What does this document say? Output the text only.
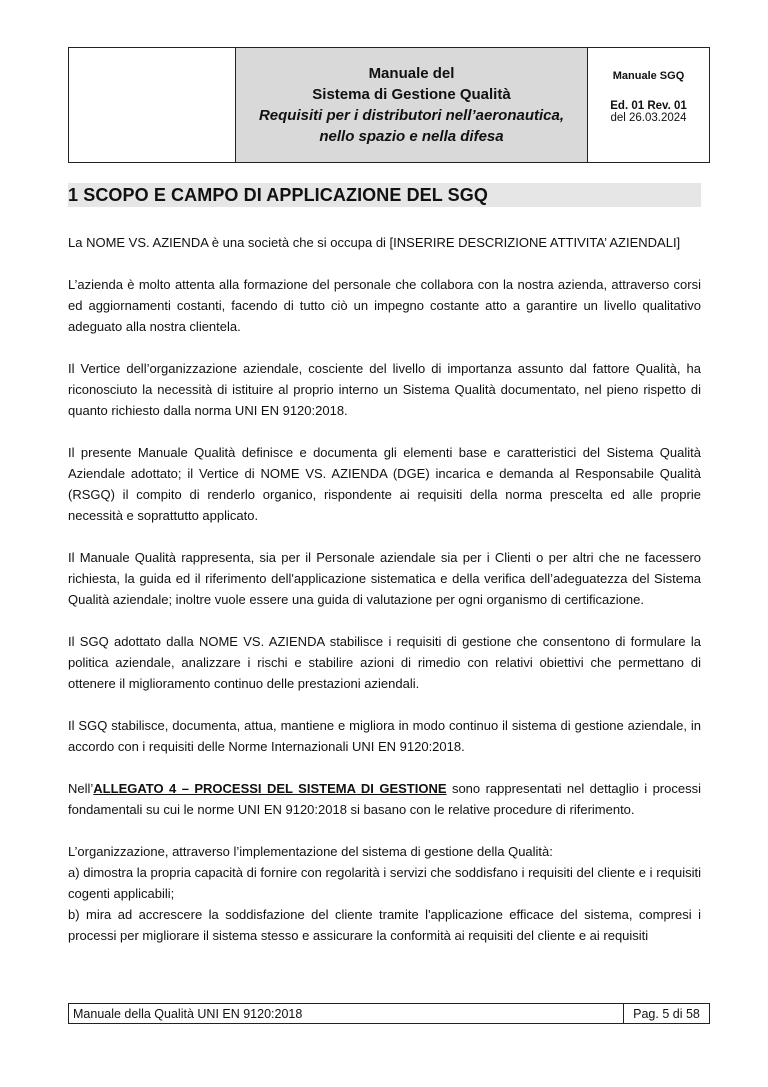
Manuale del
Sistema di Gestione Qualità
Requisiti per i distributori nell’aeronautica,
nello spazio e nella difesa
Manuale SGQ
Ed. 01 Rev. 01
del 26.03.2024
1 SCOPO E CAMPO DI APPLICAZIONE DEL SGQ

La NOME VS. AZIENDA è una società che si occupa di [INSERIRE DESCRIZIONE ATTIVITA’ AZIENDALI]

L’azienda è molto attenta alla formazione del personale che collabora con la nostra azienda, attraverso corsi ed aggiornamenti costanti, facendo di tutto ciò un impegno costante atto a garantire un livello qualitativo adeguato alla nostra clientela.

Il Vertice dell’organizzazione aziendale, cosciente del livello di importanza assunto dal fattore Qualità, ha riconosciuto la necessità di istituire al proprio interno un Sistema Qualità documentato, nel pieno rispetto di quanto richiesto dalla norma UNI EN 9120:2018.

Il presente Manuale Qualità definisce e documenta gli elementi base e caratteristici del Sistema Qualità Aziendale adottato; il Vertice di NOME VS. AZIENDA (DGE) incarica e demanda al Responsabile Qualità (RSGQ) il compito di renderlo organico, rispondente ai requisiti della norma prescelta ed alle proprie necessità e soprattutto applicato.

Il Manuale Qualità rappresenta, sia per il Personale aziendale sia per i Clienti o per altri che ne facessero richiesta, la guida ed il riferimento dell'applicazione sistematica e della verifica dell’adeguatezza del Sistema Qualità aziendale; inoltre vuole essere una guida di valutazione per ogni organismo di certificazione.

Il SGQ adottato dalla NOME VS. AZIENDA stabilisce i requisiti di gestione che consentono di formulare la politica aziendale, analizzare i rischi e stabilire azioni di rimedio con relativi obiettivi che permettano di ottenere il miglioramento continuo delle prestazioni aziendali.

Il SGQ stabilisce, documenta, attua, mantiene e migliora in modo continuo il sistema di gestione aziendale, in accordo con i requisiti delle Norme Internazionali UNI EN 9120:2018.

Nell’ALLEGATO 4 – PROCESSI DEL SISTEMA DI GESTIONE sono rappresentati nel dettaglio i processi fondamentali su cui le norme UNI EN 9120:2018 si basano con le relative procedure di riferimento.

L’organizzazione, attraverso l’implementazione del sistema di gestione della Qualità:

a) dimostra la propria capacità di fornire con regolarità i servizi che soddisfano i requisiti del cliente e i requisiti cogenti applicabili;

b) mira ad accrescere la soddisfazione del cliente tramite l'applicazione efficace del sistema, compresi i processi per migliorare il sistema stesso e assicurare la conformità ai requisiti del cliente e ai requisiti

Manuale della Qualità UNI EN 9120:2018	Pag. 5 di 58
